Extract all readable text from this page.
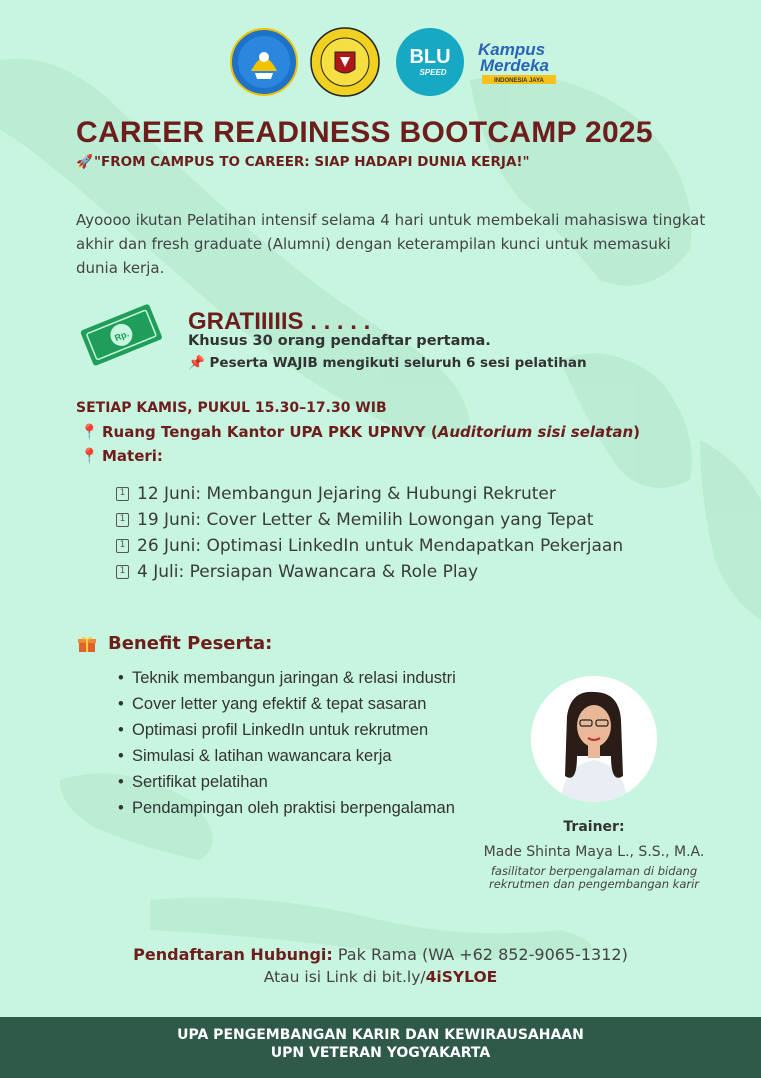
BLU
SPEED
Kampus
Merdeka
INDONESIA JAYA
CAREER READINESS BOOTCAMP 2025
🚀"FROM CAMPUS TO CAREER: SIAP HADAPI DUNIA KERJA!"
Ayoooo ikutan Pelatihan intensif selama 4 hari untuk membekali mahasiswa tingkat akhir dan fresh graduate (Alumni) dengan keterampilan kunci untuk memasuki dunia kerja.
Rp.
GRATIIIIIS . . . . .
Khusus 30 orang pendaftar pertama.
📌 Peserta WAJIB mengikuti seluruh 6 sesi pelatihan
SETIAP KAMIS, PUKUL 15.30–17.30 WIB
📍 Ruang Tengah Kantor UPA PKK UPNVY (Auditorium sisi selatan)
📍 Materi:
1 12 Juni: Membangun Jejaring & Hubungi Rekruter
1 19 Juni: Cover Letter & Memilih Lowongan yang Tepat
1 26 Juni: Optimasi LinkedIn untuk Mendapatkan Pekerjaan
1 4 Juli: Persiapan Wawancara & Role Play
Benefit Peserta:
• Teknik membangun jaringan & relasi industri
• Cover letter yang efektif & tepat sasaran
• Optimasi profil LinkedIn untuk rekrutmen
• Simulasi & latihan wawancara kerja
• Sertifikat pelatihan
• Pendampingan oleh praktisi berpengalaman
Trainer:
Made Shinta Maya L., S.S., M.A.
fasilitator berpengalaman di bidang rekrutmen dan pengembangan karir
Pendaftaran Hubungi: Pak Rama (WA +62 852-9065-1312)
Atau isi Link di bit.ly/4iSYLOE
UPA PENGEMBANGAN KARIR DAN KEWIRAUSAHAAN
UPN VETERAN YOGYAKARTA
